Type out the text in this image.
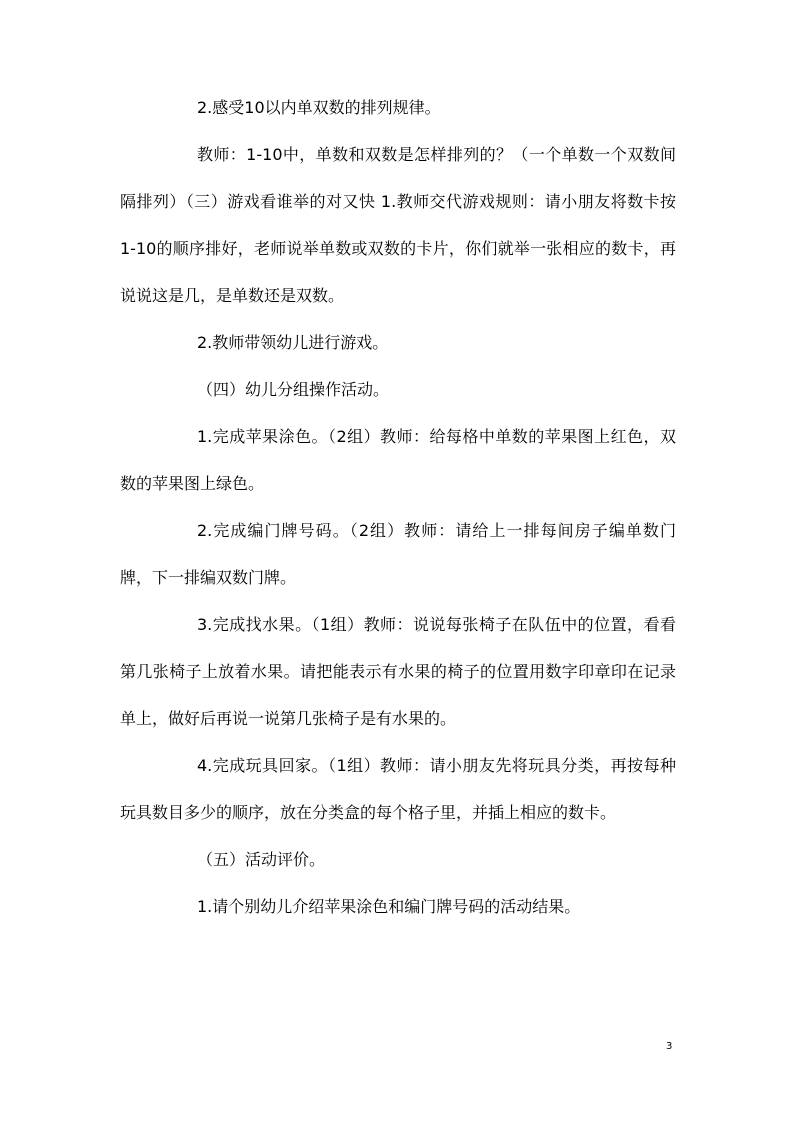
2.感受10以内单双数的排列规律。

教师：1-10中，单数和双数是怎样排列的？（一个单数一个双数间隔排列）（三）游戏看谁举的对又快 1.教师交代游戏规则：请小朋友将数卡按1-10的顺序排好，老师说举单数或双数的卡片，你们就举一张相应的数卡，再说说这是几，是单数还是双数。

2.教师带领幼儿进行游戏。

（四）幼儿分组操作活动。

1.完成苹果涂色。（2组）教师：给每格中单数的苹果图上红色，双数的苹果图上绿色。

2.完成编门牌号码。（2组）教师：请给上一排每间房子编单数门牌，下一排编双数门牌。

3.完成找水果。（1组）教师：说说每张椅子在队伍中的位置，看看第几张椅子上放着水果。请把能表示有水果的椅子的位置用数字印章印在记录单上，做好后再说一说第几张椅子是有水果的。

4.完成玩具回家。（1组）教师：请小朋友先将玩具分类，再按每种玩具数目多少的顺序，放在分类盒的每个格子里，并插上相应的数卡。

（五）活动评价。

1.请个别幼儿介绍苹果涂色和编门牌号码的活动结果。

3
